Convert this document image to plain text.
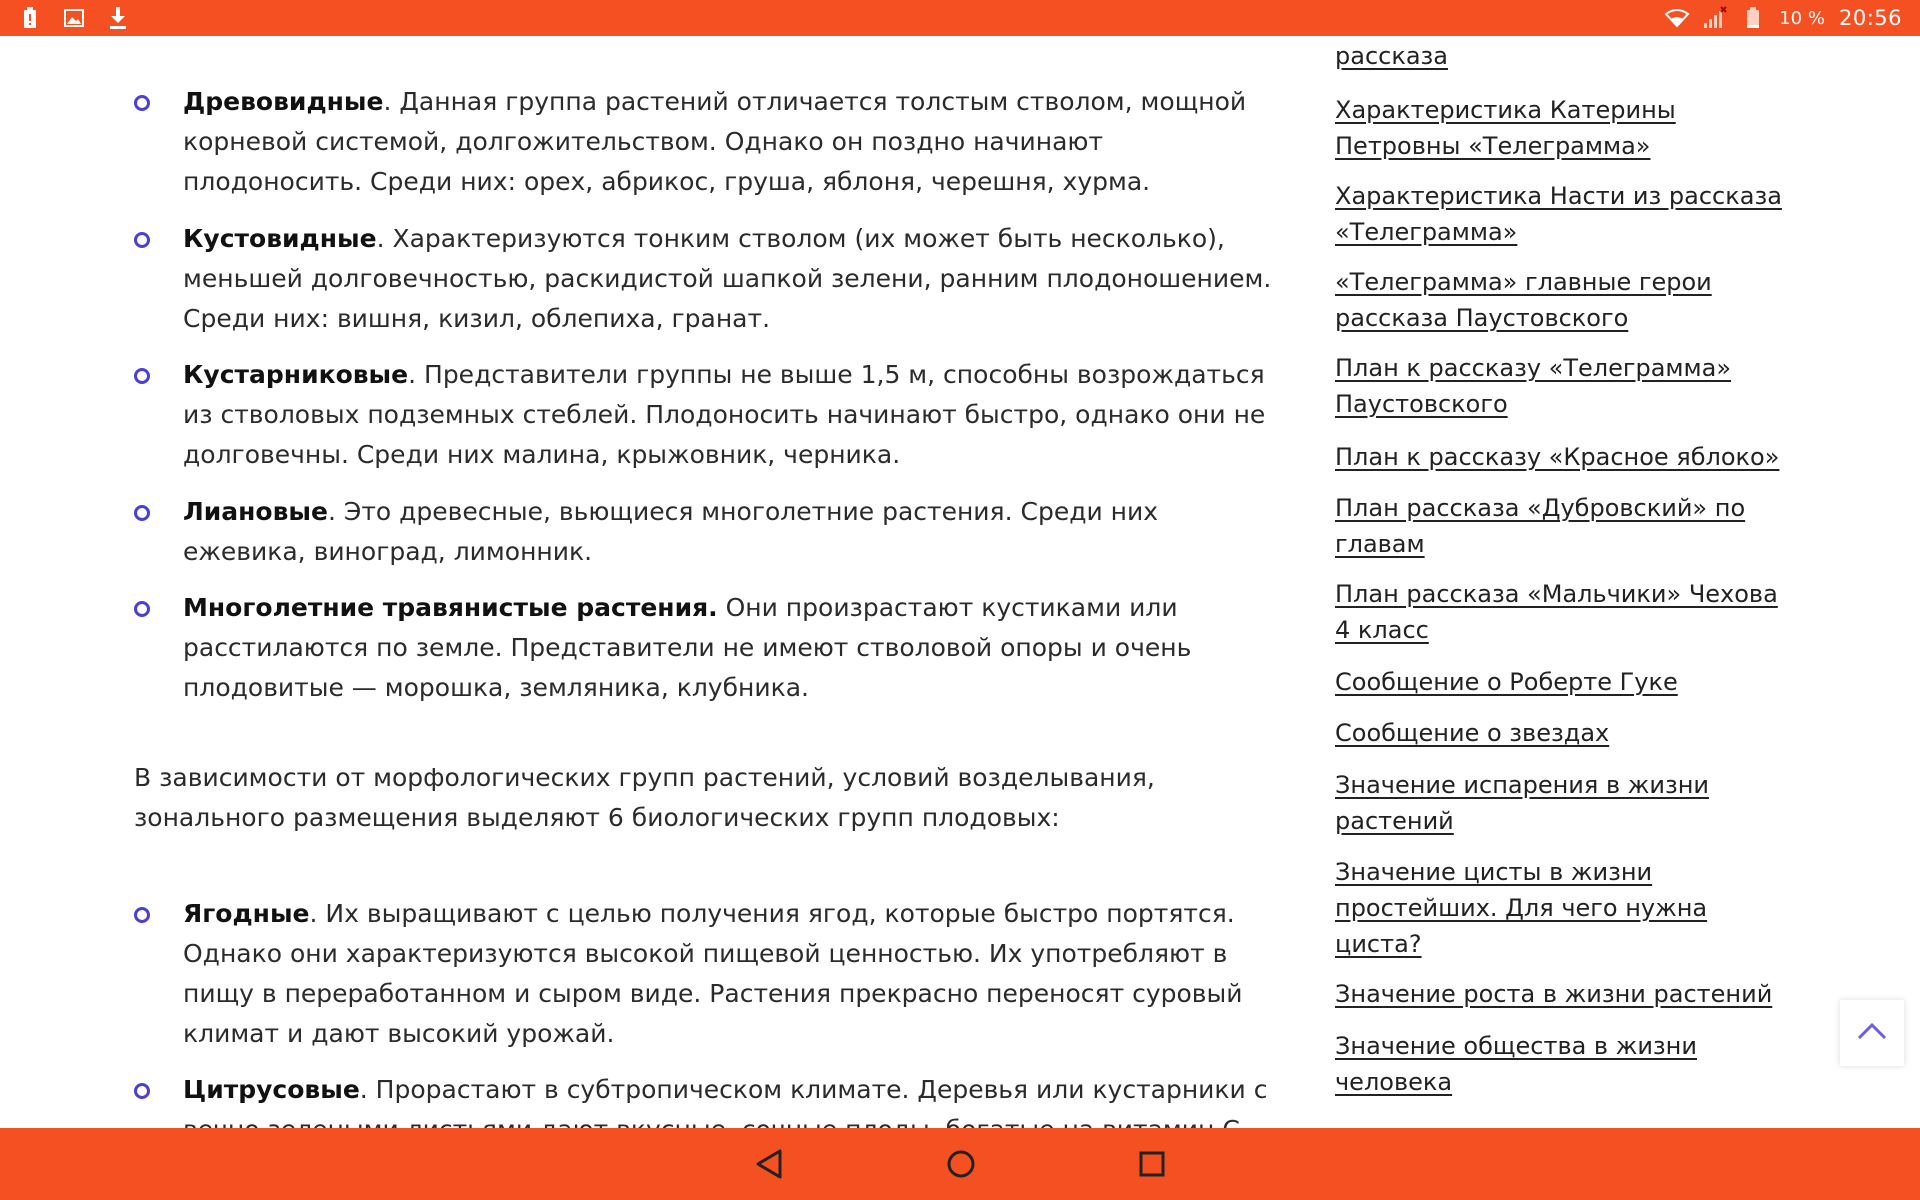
10 % 20:56
Древовидные. Данная группа растений отличается толстым стволом, мощной корневой системой, долгожительством. Однако он поздно начинают плодоносить. Среди них: орех, абрикос, груша, яблоня, черешня, хурма.
Кустовидные. Характеризуются тонким стволом (их может быть несколько), меньшей долговечностью, раскидистой шапкой зелени, ранним плодоношением. Среди них: вишня, кизил, облепиха, гранат.
Кустарниковые. Представители группы не выше 1,5 м, способны возрождаться из стволовых подземных стеблей. Плодоносить начинают быстро, однако они не долговечны. Среди них малина, крыжовник, черника.
Лиановые. Это древесные, вьющиеся многолетние растения. Среди них ежевика, виноград, лимонник.
Многолетние травянистые растения. Они произрастают кустиками или расстилаются по земле. Представители не имеют стволовой опоры и очень плодовитые — морошка, земляника, клубника.

В зависимости от морфологических групп растений, условий возделывания, зонального размещения выделяют 6 биологических групп плодовых:

Ягодные. Их выращивают с целью получения ягод, которые быстро портятся. Однако они характеризуются высокой пищевой ценностью. Их употребляют в пищу в переработанном и сыром виде. Растения прекрасно переносят суровый климат и дают высокий урожай.
Цитрусовые. Прорастают в субтропическом климате. Деревья или кустарники с
рассказа
Характеристика Катерины Петровны «Телеграмма»
Характеристика Насти из рассказа «Телеграмма»
«Телеграмма» главные герои рассказа Паустовского
План к рассказу «Телеграмма» Паустовского
План к рассказу «Красное яблоко»
План рассказа «Дубровский» по главам
План рассказа «Мальчики» Чехова 4 класс
Сообщение о Роберте Гуке
Сообщение о звездах
Значение испарения в жизни растений
Значение цисты в жизни простейших. Для чего нужна циста?
Значение роста в жизни растений
Значение общества в жизни человека
